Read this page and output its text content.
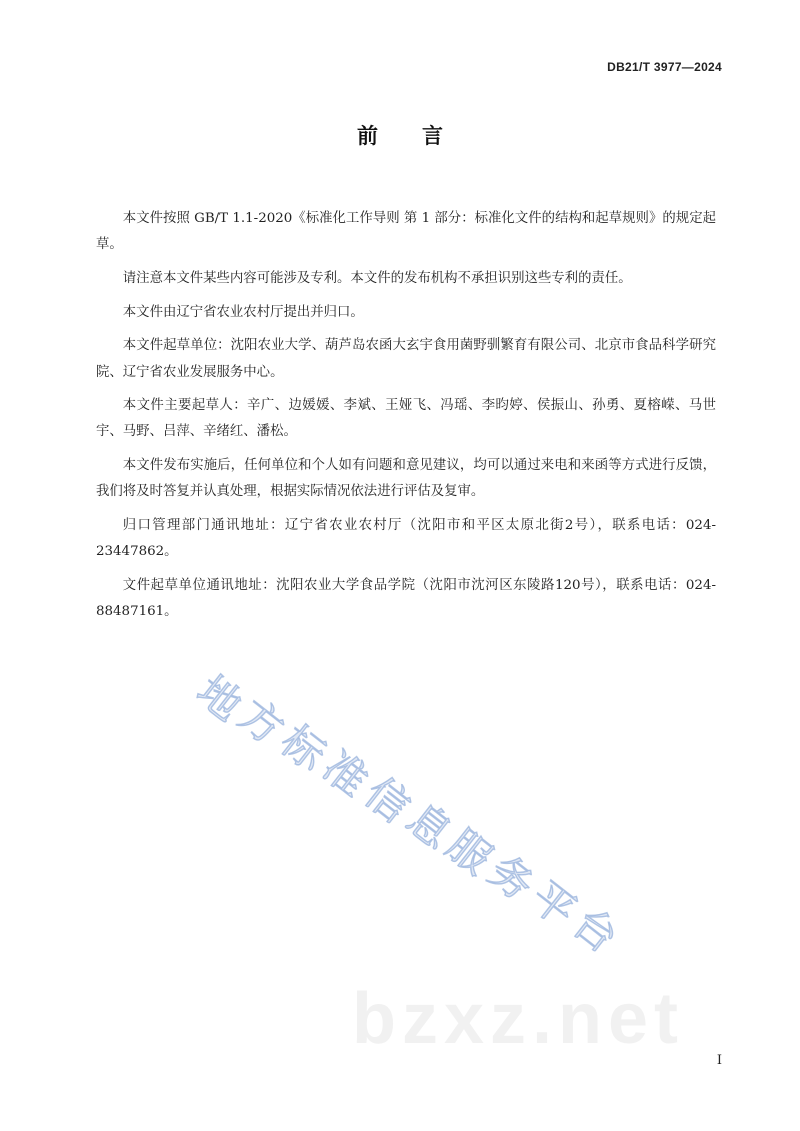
DB21/T 3977—2024
前言

本文件按照 GB/T 1.1-2020《标准化工作导则 第 1 部分：标准化文件的结构和起草规则》的规定起草。

请注意本文件某些内容可能涉及专利。本文件的发布机构不承担识别这些专利的责任。

本文件由辽宁省农业农村厅提出并归口。

本文件起草单位：沈阳农业大学、葫芦岛农函大玄宇食用菌野驯繁育有限公司、北京市食品科学研究院、辽宁省农业发展服务中心。

本文件主要起草人：辛广、边媛媛、李斌、王娅飞、冯瑶、李昀婷、侯振山、孙勇、夏榕嵘、马世宇、马野、吕萍、辛绪红、潘松。

本文件发布实施后，任何单位和个人如有问题和意见建议，均可以通过来电和来函等方式进行反馈，我们将及时答复并认真处理，根据实际情况依法进行评估及复审。

归口管理部门通讯地址：辽宁省农业农村厅（沈阳市和平区太原北街2号），联系电话：024-23447862。

文件起草单位通讯地址：沈阳农业大学食品学院（沈阳市沈河区东陵路120号），联系电话：024-88487161。

地
方
标
准
信
息
服
务
平
台
bzxz.net
I
